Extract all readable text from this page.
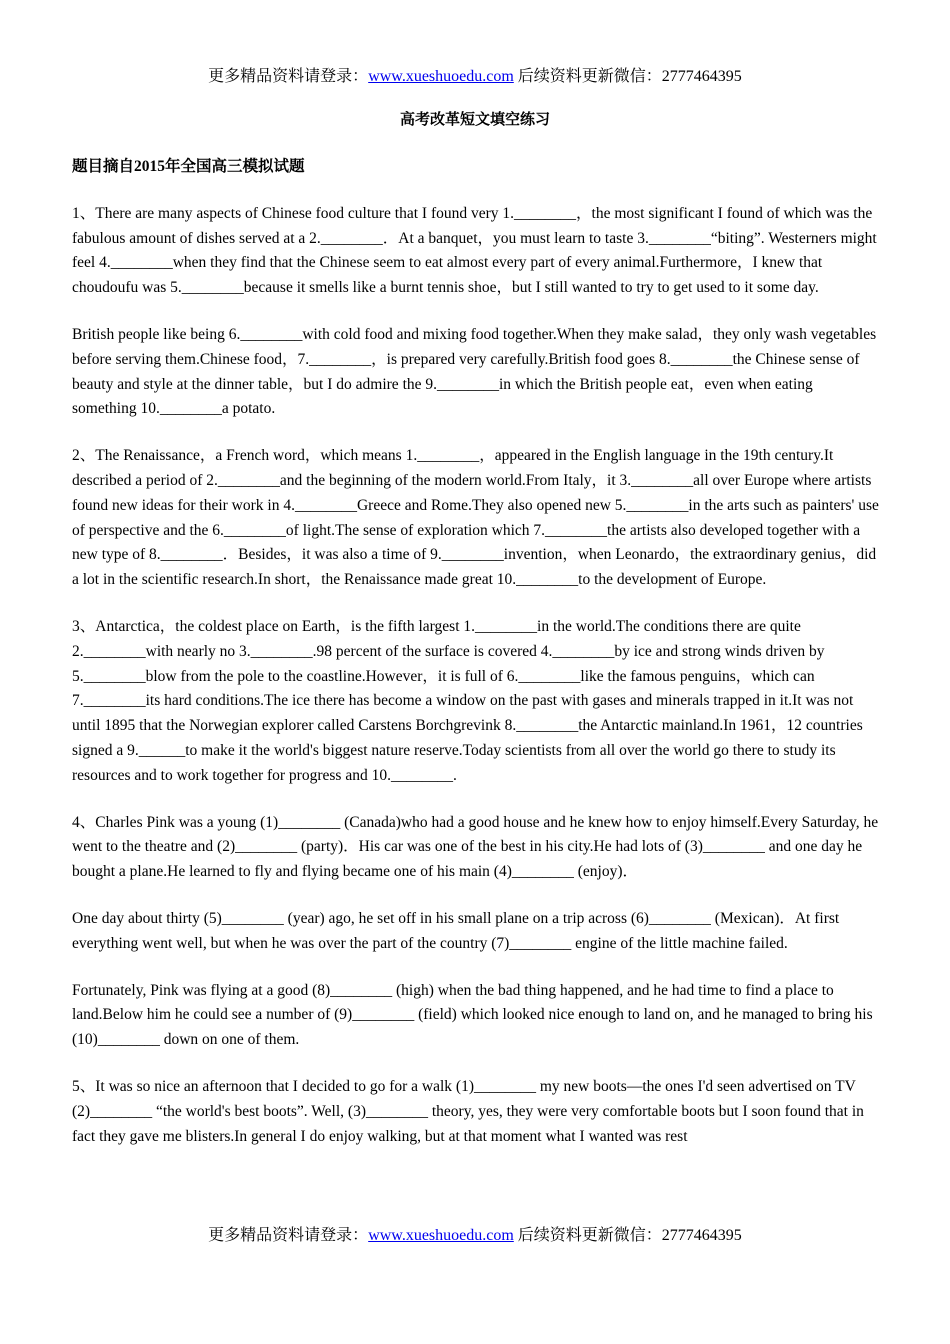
更多精品资料请登录：www.xueshuoedu.com 后续资料更新微信：2777464395
高考改革短文填空练习
题目摘自2015年全国高三模拟试题
1、There are many aspects of Chinese food culture that I found very 1.________，the most significant I found of which was the fabulous amount of dishes served at a 2.________．At a banquet，you must learn to taste 3.________“biting”. Westerners might feel 4.________when they find that the Chinese seem to eat almost every part of every animal.Furthermore，I knew that choudoufu was 5.________because it smells like a burnt tennis shoe，but I still wanted to try to get used to it some day.
British people like being 6.________with cold food and mixing food together.When they make salad，they only wash vegetables before serving them.Chinese food，7.________，is prepared very carefully.British food goes 8.________the Chinese sense of beauty and style at the dinner table，but I do admire the 9.________in which the British people eat，even when eating something 10.________a potato.
2、The Renaissance，a French word，which means 1.________，appeared in the English language in the 19th century.It described a period of 2.________and the beginning of the modern world.From Italy，it 3.________all over Europe where artists found new ideas for their work in 4.________Greece and Rome.They also opened new 5.________in the arts such as painters' use of perspective and the 6.________of light.The sense of exploration which 7.________the artists also developed together with a new type of 8.________．Besides，it was also a time of 9.________invention，when Leonardo，the extraordinary genius，did a lot in the scientific research.In short，the Renaissance made great 10.________to the development of Europe.
3、Antarctica，the coldest place on Earth，is the fifth largest 1.________in the world.The conditions there are quite 2.________with nearly no 3.________.98 percent of the surface is covered 4.________by ice and strong winds driven by 5.________blow from the pole to the coastline.However，it is full of 6.________like the famous penguins，which can 7.________its hard conditions.The ice there has become a window on the past with gases and minerals trapped in it.It was not until 1895 that the Norwegian explorer called Carstens Borchgrevink 8.________the Antarctic mainland.In 1961，12 countries signed a 9.______to make it the world's biggest nature reserve.Today scientists from all over the world go there to study its resources and to work together for progress and 10.________.
4、Charles Pink was a young (1)________ (Canada)who had a good house and he knew how to enjoy himself.Every Saturday, he went to the theatre and (2)________ (party)．His car was one of the best in his city.He had lots of (3)________ and one day he bought a plane.He learned to fly and flying became one of his main (4)________ (enjoy)．
One day about thirty (5)________ (year) ago, he set off in his small plane on a trip across (6)________ (Mexican)．At first everything went well, but when he was over the part of the country (7)________ engine of the little machine failed.
Fortunately, Pink was flying at a good (8)________ (high) when the bad thing happened, and he had time to find a place to land.Below him he could see a number of (9)________ (field) which looked nice enough to land on, and he managed to bring his (10)________ down on one of them.
5、It was so nice an afternoon that I decided to go for a walk (1)________ my new boots—the ones I'd seen advertised on TV (2)________ “the world's best boots”. Well, (3)________ theory, yes, they were very comfortable boots but I soon found that in fact they gave me blisters.In general I do enjoy walking, but at that moment what I wanted was rest
更多精品资料请登录：www.xueshuoedu.com 后续资料更新微信：2777464395
